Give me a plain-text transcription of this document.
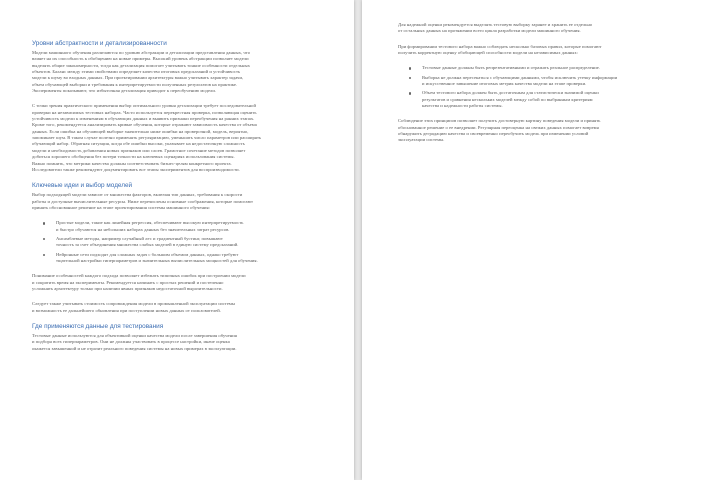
Уровни абстрактности и детализированности
Модели машинного обучения различаются по уровню абстракции и детализации представления данных, что
влияет на их способность к обобщению на новые примеры. Высокий уровень абстракции позволяет модели
выделять общие закономерности, тогда как детализация помогает учитывать тонкие особенности отдельных
объектов. Баланс между этими свойствами определяет качество итоговых предсказаний и устойчивость
модели к шуму во входных данных. При проектировании архитектуры важно учитывать характер задачи,
объем обучающей выборки и требования к интерпретируемости полученных результатов на практике.
Эксперименты показывают, что избыточная детализация приводит к переобучению модели.
С точки зрения практического применения выбор оптимального уровня детализации требует последовательной
проверки на независимых тестовых наборах. Часто используется перекрестная проверка, позволяющая оценить
устойчивость модели к изменениям в обучающих данных и выявить признаки переобучения на ранних этапах.
Кроме того, рекомендуется анализировать кривые обучения, которые отражают зависимость качества от объема
данных. Если ошибка на обучающей выборке значительно ниже ошибки на проверочной, модель, вероятно,
запоминает шум. В таком случае полезно применять регуляризацию, уменьшать число параметров или расширять
обучающий набор. Обратная ситуация, когда обе ошибки высоки, указывает на недостаточную сложность
модели и необходимость добавления новых признаков или слоев. Грамотное сочетание методов позволяет
добиться хорошего обобщения без потери точности на ключевых сценариях использования системы.
Важно помнить, что метрики качества должны соответствовать бизнес-целям конкретного проекта.
Исследователи также рекомендуют документировать все этапы экспериментов для воспроизводимости.
Ключевые идеи и выбор моделей
Выбор подходящей модели зависит от множества факторов, включая тип данных, требования к скорости
работы и доступные вычислительные ресурсы. Ниже перечислены основные соображения, которые помогают
принять обоснованное решение на этапе проектирования системы машинного обучения:
Простые модели, такие как линейная регрессия, обеспечивают высокую интерпретируемость
и быстро обучаются на небольших наборах данных без значительных затрат ресурсов.
Ансамблевые методы, например случайный лес и градиентный бустинг, повышают
точность за счет объединения множества слабых моделей в единую систему предсказаний.
Нейронные сети подходят для сложных задач с большим объемом данных, однако требуют
тщательной настройки гиперпараметров и значительных вычислительных мощностей для обучения.
Понимание особенностей каждого подхода позволяет избежать типичных ошибок при построении модели
и сократить время на эксперименты. Рекомендуется начинать с простых решений и постепенно
усложнять архитектуру только при наличии явных признаков недостаточной выразительности.
Следует также учитывать стоимость сопровождения модели в промышленной эксплуатации системы
и возможность ее дальнейшего обновления при поступлении новых данных от пользователей.
Где применяются данные для тестирования
Тестовые данные используются для объективной оценки качества модели после завершения обучения
и подбора всех гиперпараметров. Они не должны участвовать в процессе настройки, иначе оценка
окажется завышенной и не отразит реального поведения системы на новых примерах в эксплуатации.
Для надежной оценки рекомендуется выделять тестовую выборку заранее и хранить ее отдельно
от остальных данных на протяжении всего цикла разработки модели машинного обучения.
При формировании тестового набора важно соблюдать несколько базовых правил, которые помогают
получить корректную оценку обобщающей способности модели на независимых данных:
Тестовые данные должны быть репрезентативными и отражать реальное распределение.
Выборка не должна пересекаться с обучающими данными, чтобы исключить утечку информации
и искусственное завышение итоговых метрик качества модели на этапе проверки.
Объем тестового набора должен быть достаточным для статистически значимой оценки
результатов и сравнения нескольких моделей между собой по выбранным критериям
качества и надежности работы системы.
Соблюдение этих принципов позволяет получить достоверную картину поведения модели и принять
обоснованное решение о ее внедрении. Регулярная переоценка на свежих данных помогает вовремя
обнаружить деградацию качества и своевременно переобучить модель при изменении условий
эксплуатации системы.
